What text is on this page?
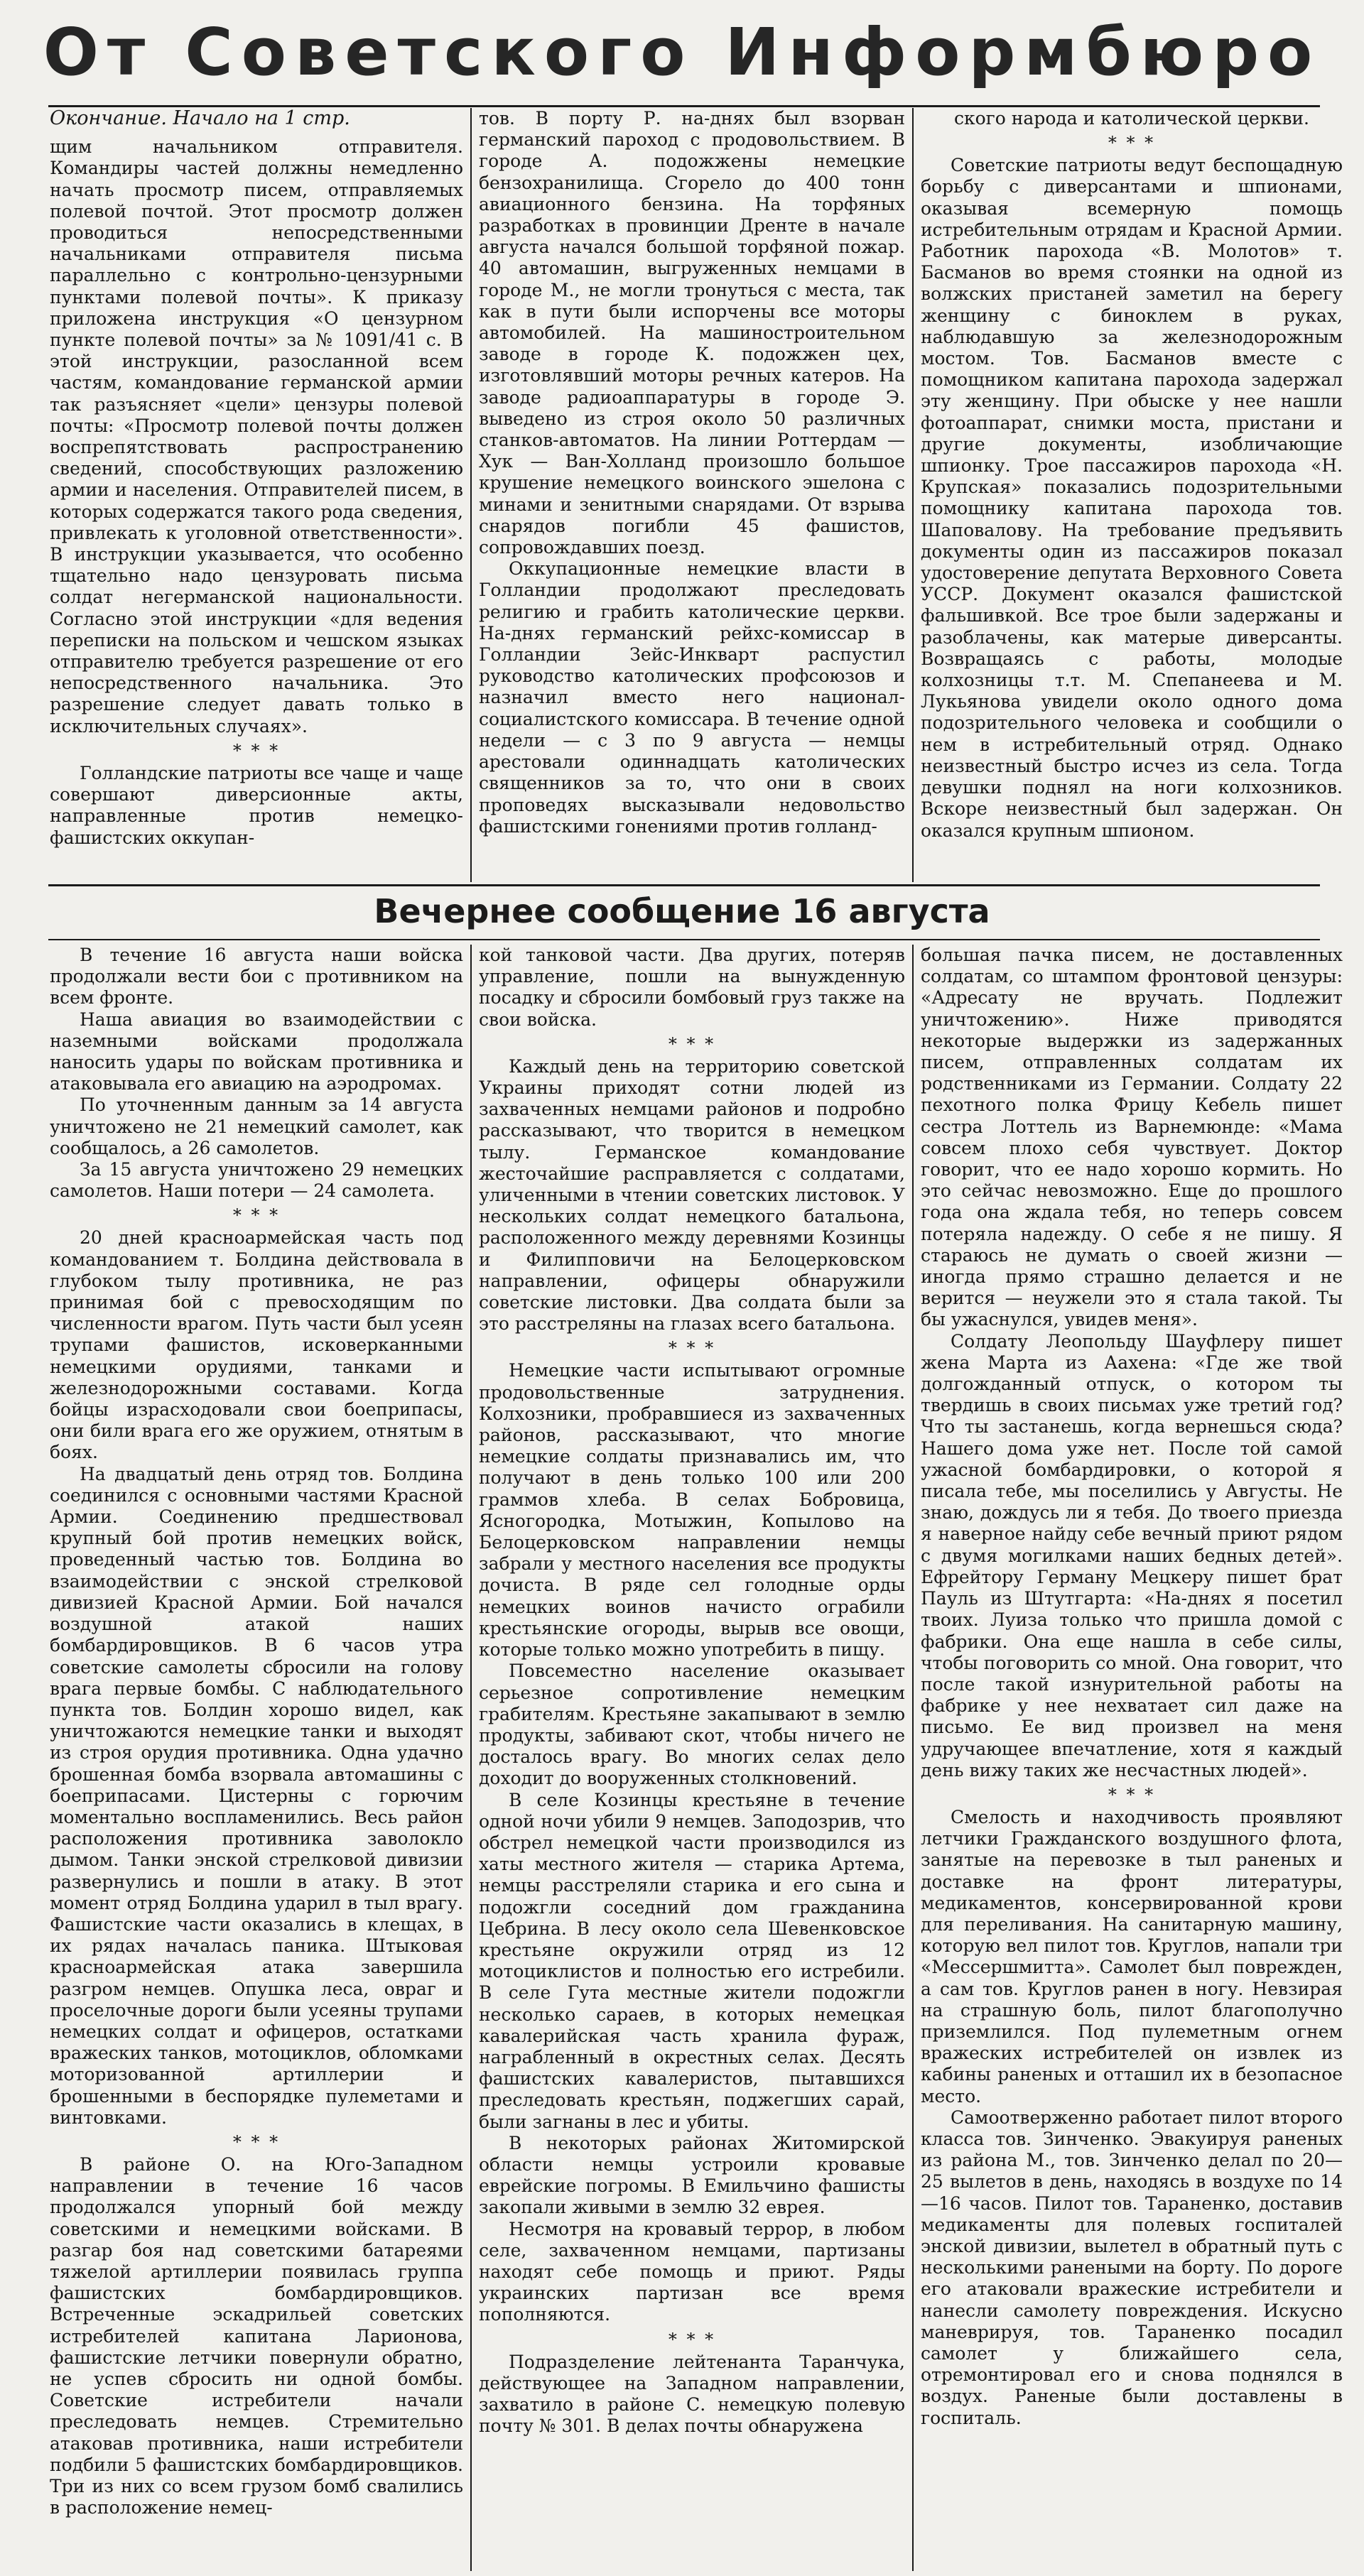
От Советского Информбюро

Окончание. Начало на 1 стр.

щим начальником отправителя. Командиры частей должны немедленно начать просмотр писем, отправляемых полевой почтой. Этот просмотр должен проводиться непосредственными начальниками отправителя письма параллельно с контрольно-цензурными пунктами полевой почты». К приказу приложена инструкция «О цензурном пункте полевой почты» за № 1091/41 с. В этой инструкции, разосланной всем частям, командование германской армии так разъясняет «цели» цензуры полевой почты: «Просмотр полевой почты должен воспрепятствовать распространению сведений, способствующих разложению армии и населения. Отправителей писем, в которых содержатся такого рода сведения, привлекать к уголовной ответственности». В инструкции указывается, что особенно тщательно надо цензуровать письма солдат негерманской национальности. Согласно этой инструкции «для ведения переписки на польском и чешском языках отправителю требуется разрешение от его непосредственного начальника. Это разрешение следует давать только в исключительных случаях».

* * *

Голландские патриоты все чаще и чаще совершают диверсионные акты, направленные против немецко-фашистских оккупан-

тов. В порту Р. на-днях был взорван германский пароход с продовольствием. В городе А. подожжены немецкие бензохранилища. Сгорело до 400 тонн авиационного бензина. На торфяных разработках в провинции Дренте в начале августа начался большой торфяной пожар. 40 автомашин, выгруженных немцами в городе М., не могли тронуться с места, так как в пути были испорчены все моторы автомобилей. На машиностроительном заводе в городе К. подожжен цех, изготовлявший моторы речных катеров. На заводе радиоаппаратуры в городе Э. выведено из строя около 50 различных станков-автоматов. На линии Роттердам — Хук — Ван-Холланд произошло большое крушение немецкого воинского эшелона с минами и зенитными снарядами. От взрыва снарядов погибли 45 фашистов, сопровождавших поезд.

Оккупационные немецкие власти в Голландии продолжают преследовать религию и грабить католические церкви. На-днях германский рейхс-комиссар в Голландии Зейс-Инкварт распустил руководство католических профсоюзов и назначил вместо него национал-социалистского комиссара. В течение одной недели — с 3 по 9 августа — немцы арестовали одиннадцать католических священников за то, что они в своих проповедях высказывали недовольство фашистскими гонениями против голланд-

ского народа и католической церкви.

* * *

Советские патриоты ведут беспощадную борьбу с диверсантами и шпионами, оказывая всемерную помощь истребительным отрядам и Красной Армии. Работник парохода «В. Молотов» т. Басманов во время стоянки на одной из волжских пристаней заметил на берегу женщину с биноклем в руках, наблюдавшую за железнодорожным мостом. Тов. Басманов вместе с помощником капитана парохода задержал эту женщину. При обыске у нее нашли фотоаппарат, снимки моста, пристани и другие документы, изобличающие шпионку. Трое пассажиров парохода «Н. Крупская» показались подозрительными помощнику капитана парохода тов. Шаповалову. На требование предъявить документы один из пассажиров показал удостоверение депутата Верховного Совета УССР. Документ оказался фашистской фальшивкой. Все трое были задержаны и разоблачены, как матерые диверсанты. Возвращаясь с работы, молодые колхозницы т.т. М. Спепанеева и М. Лукьянова увидели около одного дома подозрительного человека и сообщили о нем в истребительный отряд. Однако неизвестный быстро исчез из села. Тогда девушки поднял на ноги колхозников. Вскоре неизвестный был задержан. Он оказался крупным шпионом.

Вечернее сообщение 16 августа

В течение 16 августа наши войска продолжали вести бои с противником на всем фронте.

Наша авиация во взаимодействии с наземными войсками продолжала наносить удары по войскам противника и атаковывала его авиацию на аэродромах.

По уточненным данным за 14 августа уничтожено не 21 немецкий самолет, как сообщалось, а 26 самолетов.

За 15 августа уничтожено 29 немецких самолетов. Наши потери — 24 самолета.

* * *

20 дней красноармейская часть под командованием т. Болдина действовала в глубоком тылу противника, не раз принимая бой с превосходящим по численности врагом. Путь части был усеян трупами фашистов, исковерканными немецкими орудиями, танками и железнодорожными составами. Когда бойцы израсходовали свои боеприпасы, они били врага его же оружием, отнятым в боях.

На двадцатый день отряд тов. Болдина соединился с основными частями Красной Армии. Соединению предшествовал крупный бой против немецких войск, проведенный частью тов. Болдина во взаимодействии с энской стрелковой дивизией Красной Армии. Бой начался воздушной атакой наших бомбардировщиков. В 6 часов утра советские самолеты сбросили на голову врага первые бомбы. С наблюдательного пункта тов. Болдин хорошо видел, как уничтожаются немецкие танки и выходят из строя орудия противника. Одна удачно брошенная бомба взорвала автомашины с боеприпасами. Цистерны с горючим моментально воспламенились. Весь район расположения противника заволокло дымом. Танки энской стрелковой дивизии развернулись и пошли в атаку. В этот момент отряд Болдина ударил в тыл врагу. Фашистские части оказались в клещах, в их рядах началась паника. Штыковая красноармейская атака завершила разгром немцев. Опушка леса, овраг и проселочные дороги были усеяны трупами немецких солдат и офицеров, остатками вражеских танков, мотоциклов, обломками моторизованной артиллерии и брошенными в беспорядке пулеметами и винтовками.

* * *

В районе О. на Юго-Западном направлении в течение 16 часов продолжался упорный бой между советскими и немецкими войсками. В разгар боя над советскими батареями тяжелой артиллерии появилась группа фашистских бомбардировщиков. Встреченные эскадрильей советских истребителей капитана Ларионова, фашистские летчики повернули обратно, не успев сбросить ни одной бомбы. Советские истребители начали преследовать немцев. Стремительно атаковав противника, наши истребители подбили 5 фашистских бомбардировщиков. Три из них со всем грузом бомб свалились в расположение немец-

кой танковой части. Два других, потеряв управление, пошли на вынужденную посадку и сбросили бомбовый груз также на свои войска.

* * *

Каждый день на территорию советской Украины приходят сотни людей из захваченных немцами районов и подробно рассказывают, что творится в немецком тылу. Германское командование жесточайшие расправляется с солдатами, уличенными в чтении советских листовок. У нескольких солдат немецкого батальона, расположенного между деревнями Козинцы и Филипповичи на Белоцерковском направлении, офицеры обнаружили советские листовки. Два солдата были за это расстреляны на глазах всего батальона.

* * *

Немецкие части испытывают огромные продовольственные затруднения. Колхозники, пробравшиеся из захваченных районов, рассказывают, что многие немецкие солдаты признавались им, что получают в день только 100 или 200 граммов хлеба. В селах Бобровица, Ясногородка, Мотыжин, Копылово на Белоцерковском направлении немцы забрали у местного населения все продукты дочиста. В ряде сел голодные орды немецких воинов начисто ограбили крестьянские огороды, вырыв все овощи, которые только можно употребить в пищу.

Повсеместно население оказывает серьезное сопротивление немецким грабителям. Крестьяне закапывают в землю продукты, забивают скот, чтобы ничего не досталось врагу. Во многих селах дело доходит до вооруженных столкновений.

В селе Козинцы крестьяне в течение одной ночи убили 9 немцев. Заподозрив, что обстрел немецкой части производился из хаты местного жителя — старика Артема, немцы расстреляли старика и его сына и подожгли соседний дом гражданина Цебрина. В лесу около села Шевенковское крестьяне окружили отряд из 12 мотоциклистов и полностью его истребили. В селе Гута местные жители подожгли несколько сараев, в которых немецкая кавалерийская часть хранила фураж, награбленный в окрестных селах. Десять фашистских кавалеристов, пытавшихся преследовать крестьян, поджегших сарай, были загнаны в лес и убиты.

В некоторых районах Житомирской области немцы устроили кровавые еврейские погромы. В Емильчино фашисты закопали живыми в землю 32 еврея.

Несмотря на кровавый террор, в любом селе, захваченном немцами, партизаны находят себе помощь и приют. Ряды украинских партизан все время пополняются.

* * *

Подразделение лейтенанта Таранчука, действующее на Западном направлении, захватило в районе С. немецкую полевую почту № 301. В делах почты обнаружена

большая пачка писем, не доставленных солдатам, со штампом фронтовой цензуры: «Адресату не вручать. Подлежит уничтожению». Ниже приводятся некоторые выдержки из задержанных писем, отправленных солдатам их родственниками из Германии. Солдату 22 пехотного полка Фрицу Кебель пишет сестра Лоттель из Варнемюнде: «Мама совсем плохо себя чувствует. Доктор говорит, что ее надо хорошо кормить. Но это сейчас невозможно. Еще до прошлого года она ждала тебя, но теперь совсем потеряла надежду. О себе я не пишу. Я стараюсь не думать о своей жизни — иногда прямо страшно делается и не верится — неужели это я стала такой. Ты бы ужаснулся, увидев меня».

Солдату Леопольду Шауфлеру пишет жена Марта из Аахена: «Где же твой долгожданный отпуск, о котором ты твердишь в своих письмах уже третий год? Что ты застанешь, когда вернешься сюда? Нашего дома уже нет. После той самой ужасной бомбардировки, о которой я писала тебе, мы поселились у Августы. Не знаю, дождусь ли я тебя. До твоего приезда я наверное найду себе вечный приют рядом с двумя могилками наших бедных детей». Ефрейтору Герману Мецкеру пишет брат Пауль из Штутгарта: «На-днях я посетил твоих. Луиза только что пришла домой с фабрики. Она еще нашла в себе силы, чтобы поговорить со мной. Она говорит, что после такой изнурительной работы на фабрике у нее нехватает сил даже на письмо. Ее вид произвел на меня удручающее впечатление, хотя я каждый день вижу таких же несчастных людей».

* * *

Смелость и находчивость проявляют летчики Гражданского воздушного флота, занятые на перевозке в тыл раненых и доставке на фронт литературы, медикаментов, консервированной крови для переливания. На санитарную машину, которую вел пилот тов. Круглов, напали три «Мессершмитта». Самолет был поврежден, а сам тов. Круглов ранен в ногу. Невзирая на страшную боль, пилот благополучно приземлился. Под пулеметным огнем вражеских истребителей он извлек из кабины раненых и отташил их в безопасное место.

Самоотверженно работает пилот второго класса тов. Зинченко. Эвакуируя раненых из района М., тов. Зинченко делал по 20—25 вылетов в день, находясь в воздухе по 14—16 часов. Пилот тов. Тараненко, доставив медикаменты для полевых госпиталей энской дивизии, вылетел в обратный путь с несколькими ранеными на борту. По дороге его атаковали вражеские истребители и нанесли самолету повреждения. Искусно маневрируя, тов. Тараненко посадил самолет у ближайшего села, отремонтировал его и снова поднялся в воздух. Раненые были доставлены в госпиталь.
